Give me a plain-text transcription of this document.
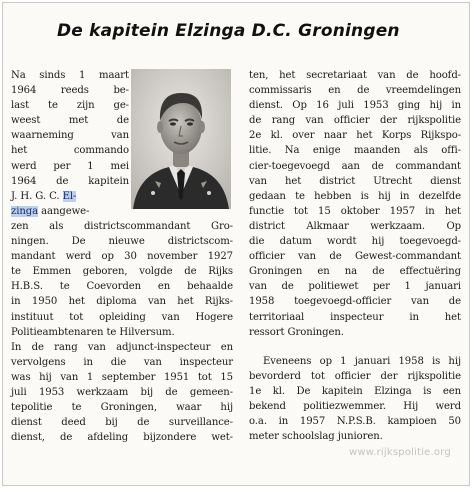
De kapitein Elzinga D.C. Groningen
Na sinds 1 maart
1964 reeds be-
last te zijn ge-
weest met de
waarneming van
het commando
werd per 1 mei
1964 de kapitein
J. H. G. C. El-
zinga aangewe-
zen als districtscommandant Gro-
ningen. De nieuwe districtscom-
mandant werd op 30 november 1927
te Emmen geboren, volgde de Rijks
H.B.S. te Coevorden en behaalde
in 1950 het diploma van het Rijks-
instituut tot opleiding van Hogere
Politieambtenaren te Hilversum.
In de rang van adjunct-inspecteur en
vervolgens in die van inspecteur
was hij van 1 september 1951 tot 15
juli 1953 werkzaam bij de gemeen-
tepolitie te Groningen, waar hij
dienst deed bij de surveillance-
dienst, de afdeling bijzondere wet-
ten, het secretariaat van de hoofd-
commissaris en de vreemdelingen
dienst. Op 16 juli 1953 ging hij in
de rang van officier der rijkspolitie
2e kl. over naar het Korps Rijkspo-
litie. Na enige maanden als offi-
cier-toegevoegd aan de commandant
van het district Utrecht dienst
gedaan te hebben is hij in dezelfde
functie tot 15 oktober 1957 in het
district Alkmaar werkzaam. Op
die datum wordt hij toegevoegd-
officier van de Gewest-commandant
Groningen en na de effectuëring
van de politiewet per 1 januari
1958 toegevoegd-officier van de
territoriaal inspecteur in het
ressort Groningen.
Eveneens op 1 januari 1958 is hij
bevorderd tot officier der rijkspolitie
1e kl. De kapitein Elzinga is een
bekend politiezwemmer. Hij werd
o.a. in 1957 N.P.S.B. kampioen 50
meter schoolslag junioren.
www.rijkspolitie.org
